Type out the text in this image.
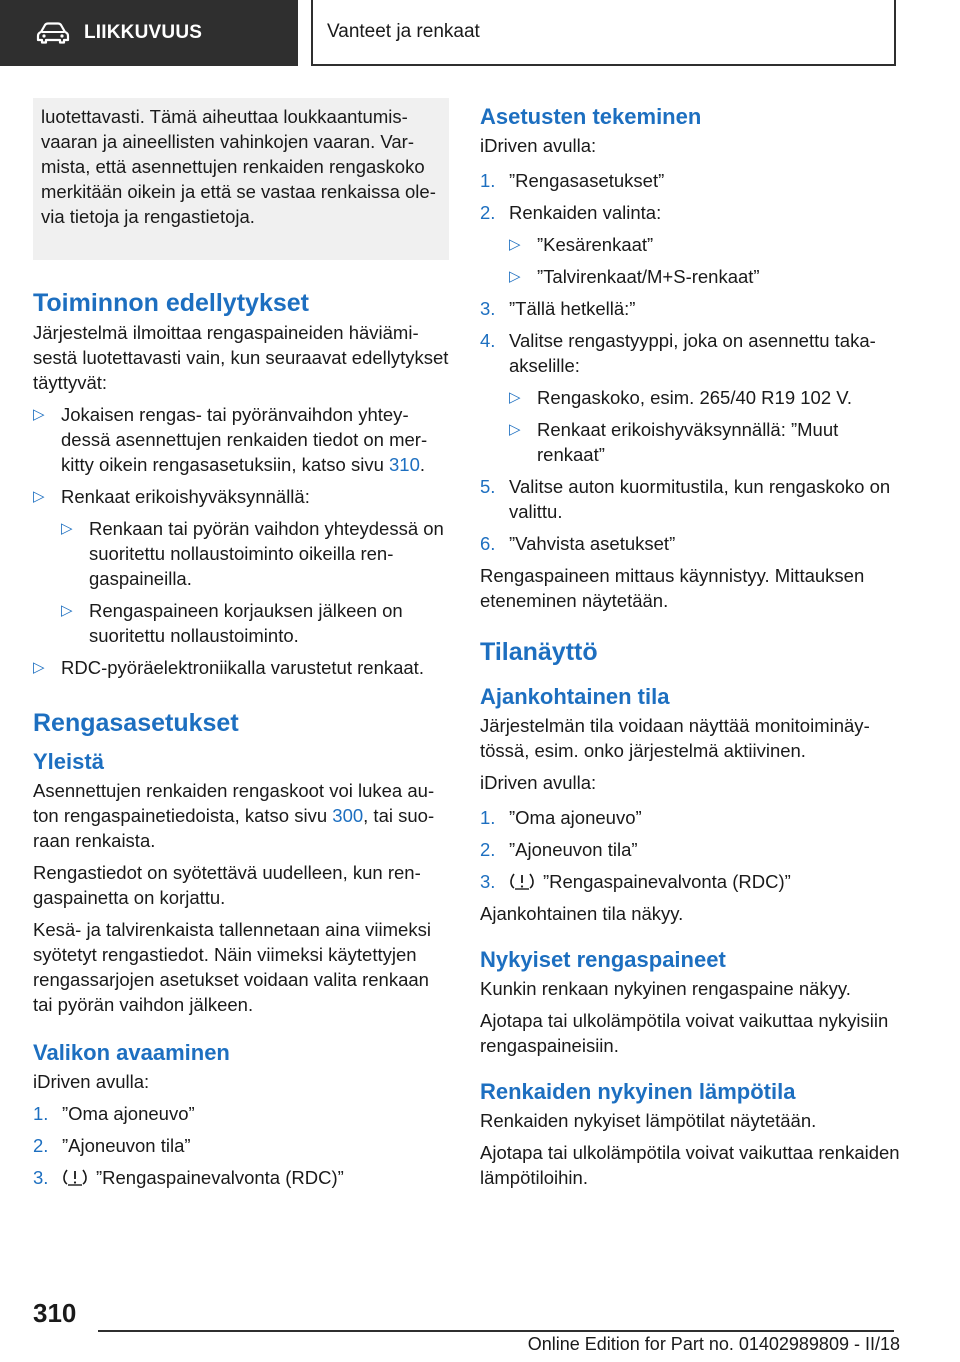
LIIKKUVUUS	Vanteet ja renkaat

luotettavasti. Tämä aiheuttaa loukkaantumisvaaran ja aineellisten vahinkojen vaaran. Varmista, että asennettujen renkaiden rengaskoko merkitään oikein ja että se vastaa renkaissa olevia tietoja ja rengastietoja.

Toiminnon edellytykset

Järjestelmä ilmoittaa rengaspaineiden häviämisestä luotettavasti vain, kun seuraavat edellytykset täyttyvät:

▷ Jokaisen rengas- tai pyöränvaihdon yhteydessä asennettujen renkaiden tiedot on merkitty oikein rengasasetuksiin, katso sivu 310.
▷ Renkaat erikoishyväksynnällä:
▷ Renkaan tai pyörän vaihdon yhteydessä on suoritettu nollaustoiminto oikeilla rengaspaineilla.
▷ Rengaspaineen korjauksen jälkeen on suoritettu nollaustoiminto.
▷ RDC-pyöräelektroniikalla varustetut renkaat.
Rengasasetukset
Yleistä

Asennettujen renkaiden rengaskoot voi lukea auton rengaspainetiedoista, katso sivu 300, tai suoraan renkaista.

Rengastiedot on syötettävä uudelleen, kun rengaspainetta on korjattu.

Kesä- ja talvirenkaista tallennetaan aina viimeksi syötetyt rengastiedot. Näin viimeksi käytettyjen rengassarjojen asetukset voidaan valita renkaan tai pyörän vaihdon jälkeen.

Valikon avaaminen

iDriven avulla:

1. ”Oma ajoneuvo”
2. ”Ajoneuvon tila”
3.	”Rengaspainevalvonta (RDC)”
Asetusten tekeminen

iDriven avulla:

1. ”Rengasasetukset”
2. Renkaiden valinta:
▷ ”Kesärenkaat”
▷ ”Talvirenkaat/M+S-renkaat”
3. ”Tällä hetkellä:”
4. Valitse rengastyyppi, joka on asennettu takaakselille:
▷ Rengaskoko, esim. 265/40 R19 102 V.
▷ Renkaat erikoishyväksynnällä: ”Muut renkaat”
5. Valitse auton kuormitustila, kun rengaskoko on valittu.
6. ”Vahvista asetukset”

Rengaspaineen mittaus käynnistyy. Mittauksen eteneminen näytetään.

Tilanäyttö
Ajankohtainen tila

Järjestelmän tila voidaan näyttää monitoiminäytössä, esim. onko järjestelmä aktiivinen.

iDriven avulla:

1. ”Oma ajoneuvo”
2. ”Ajoneuvon tila”
3.	”Rengaspainevalvonta (RDC)”

Ajankohtainen tila näkyy.

Nykyiset rengaspaineet

Kunkin renkaan nykyinen rengaspaine näkyy.

Ajotapa tai ulkolämpötila voivat vaikuttaa nykyisiin rengaspaineisiin.

Renkaiden nykyinen lämpötila

Renkaiden nykyiset lämpötilat näytetään.

Ajotapa tai ulkolämpötila voivat vaikuttaa renkaiden lämpötiloihin.

310
Online Edition for Part no. 01402989809 - II/18
